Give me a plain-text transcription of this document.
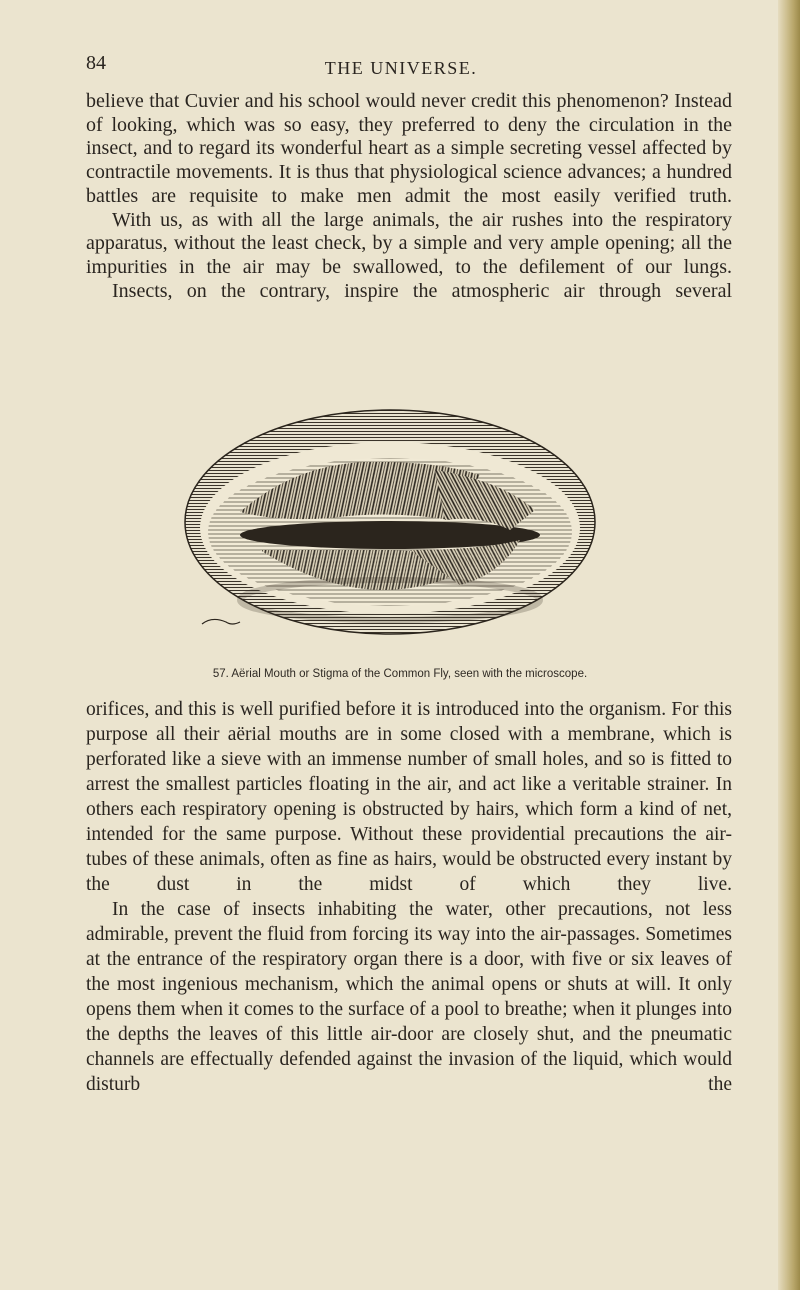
84	THE UNIVERSE.

believe that Cuvier and his school would never credit this phenomenon? Instead of looking, which was so easy, they preferred to deny the circulation in the insect, and to regard its wonderful heart as a simple secreting vessel affected by contractile movements. It is thus that physiological science advances; a hundred battles are requisite to make men admit the most easily verified truth.

With us, as with all the large animals, the air rushes into the respiratory apparatus, without the least check, by a simple and very ample opening; all the impurities in the air may be swallowed, to the defilement of our lungs.

Insects, on the contrary, inspire the atmospheric air through several

57. Aërial Mouth or Stigma of the Common Fly, seen with the microscope.

orifices, and this is well purified before it is introduced into the organism. For this purpose all their aërial mouths are in some closed with a membrane, which is perforated like a sieve with an immense number of small holes, and so is fitted to arrest the smallest particles floating in the air, and act like a veritable strainer. In others each respiratory opening is obstructed by hairs, which form a kind of net, intended for the same purpose. Without these providential precautions the air-tubes of these animals, often as fine as hairs, would be obstructed every instant by the dust in the midst of which they live.

In the case of insects inhabiting the water, other precautions, not less admirable, prevent the fluid from forcing its way into the air-passages. Sometimes at the entrance of the respiratory organ there is a door, with five or six leaves of the most ingenious mechanism, which the animal opens or shuts at will. It only opens them when it comes to the surface of a pool to breathe; when it plunges into the depths the leaves of this little air-door are closely shut, and the pneumatic channels are effectually defended against the invasion of the liquid, which would disturb the
